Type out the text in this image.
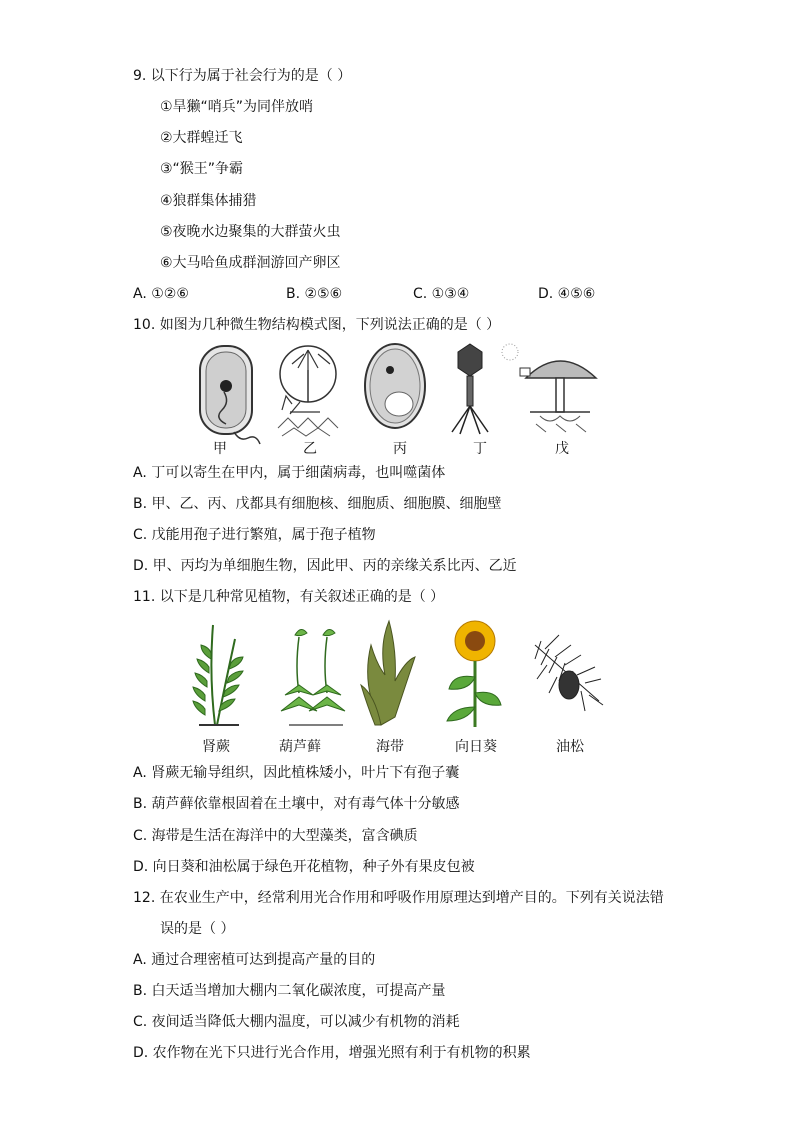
9. 以下行为属于社会行为的是（ ）
①旱獭“哨兵”为同伴放哨
②大群蝗迁飞
③“猴王”争霸
④狼群集体捕猎
⑤夜晚水边聚集的大群萤火虫
⑥大马哈鱼成群洄游回产卵区
A. ①②⑥	B. ②⑤⑥	C. ①③④	D. ④⑤⑥
10. 如图为几种微生物结构模式图，下列说法正确的是（ ）
甲	乙	丙	丁	戊
A. 丁可以寄生在甲内，属于细菌病毒，也叫噬菌体
B. 甲、乙、丙、戊都具有细胞核、细胞质、细胞膜、细胞壁
C. 戊能用孢子进行繁殖，属于孢子植物
D. 甲、丙均为单细胞生物，因此甲、丙的亲缘关系比丙、乙近
11. 以下是几种常见植物，有关叙述正确的是（ ）
肾蕨	葫芦藓	海带	向日葵	油松
A. 肾蕨无输导组织，因此植株矮小，叶片下有孢子囊
B. 葫芦藓依靠根固着在土壤中，对有毒气体十分敏感
C. 海带是生活在海洋中的大型藻类，富含碘质
D. 向日葵和油松属于绿色开花植物，种子外有果皮包被
12. 在农业生产中，经常利用光合作用和呼吸作用原理达到增产目的。下列有关说法错
误的是（ ）
A. 通过合理密植可达到提高产量的目的
B. 白天适当增加大棚内二氧化碳浓度，可提高产量
C. 夜间适当降低大棚内温度，可以减少有机物的消耗
D. 农作物在光下只进行光合作用，增强光照有利于有机物的积累
